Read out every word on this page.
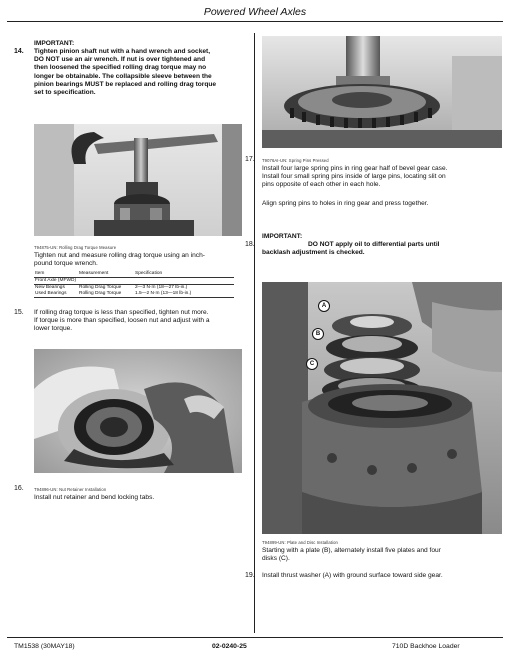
Powered Wheel Axles
IMPORTANT:
14. Tighten pinion shaft nut with a hand wrench and socket,
DO NOT use an air wrench. If nut is over tightened and
then loosened the specified rolling drag torque may no
longer be obtainable. The collapsible sleeve between the
pinion bearings MUST be replaced and rolling drag torque
set to specification.
T94875-UN: Rolling Drag Torque Measure
Tighten nut and measure rolling drag torque using an inch-
pound torque wrench.
Item	Measurement	Specification
Front Axle (MFWD)		
New Bearings	Rolling Drag Torque	2—3 N·m (18—27 lb-in.)
Used Bearings	Rolling Drag Torque	1.5—2 N·m (13—18 lb-in.)
15. If rolling drag torque is less than specified, tighten nut more.
If torque is more than specified, loosen nut and adjust with a
lower torque.
16. T94896-UN: Nut Retainer Installation
Install nut retainer and bend locking tabs.
17. T9076AI-UN: Spring Pins Pressed
Install four large spring pins in ring gear half of bevel gear case.
Install four small spring pins inside of large pins, locating slit on
pins opposite of each other in each hole.
Align spring pins to holes in ring gear and press together.
IMPORTANT:
18.	DO NOT apply oil to differential parts until
backlash adjustment is checked.
A
B
C
T94899-UN: Plate and Disc Installation
Starting with a plate (B), alternately install five plates and four
disks (C).
19. Install thrust washer (A) with ground surface toward side gear.
TM1538 (30MAY18)	02-0240-25	710D Backhoe Loader
